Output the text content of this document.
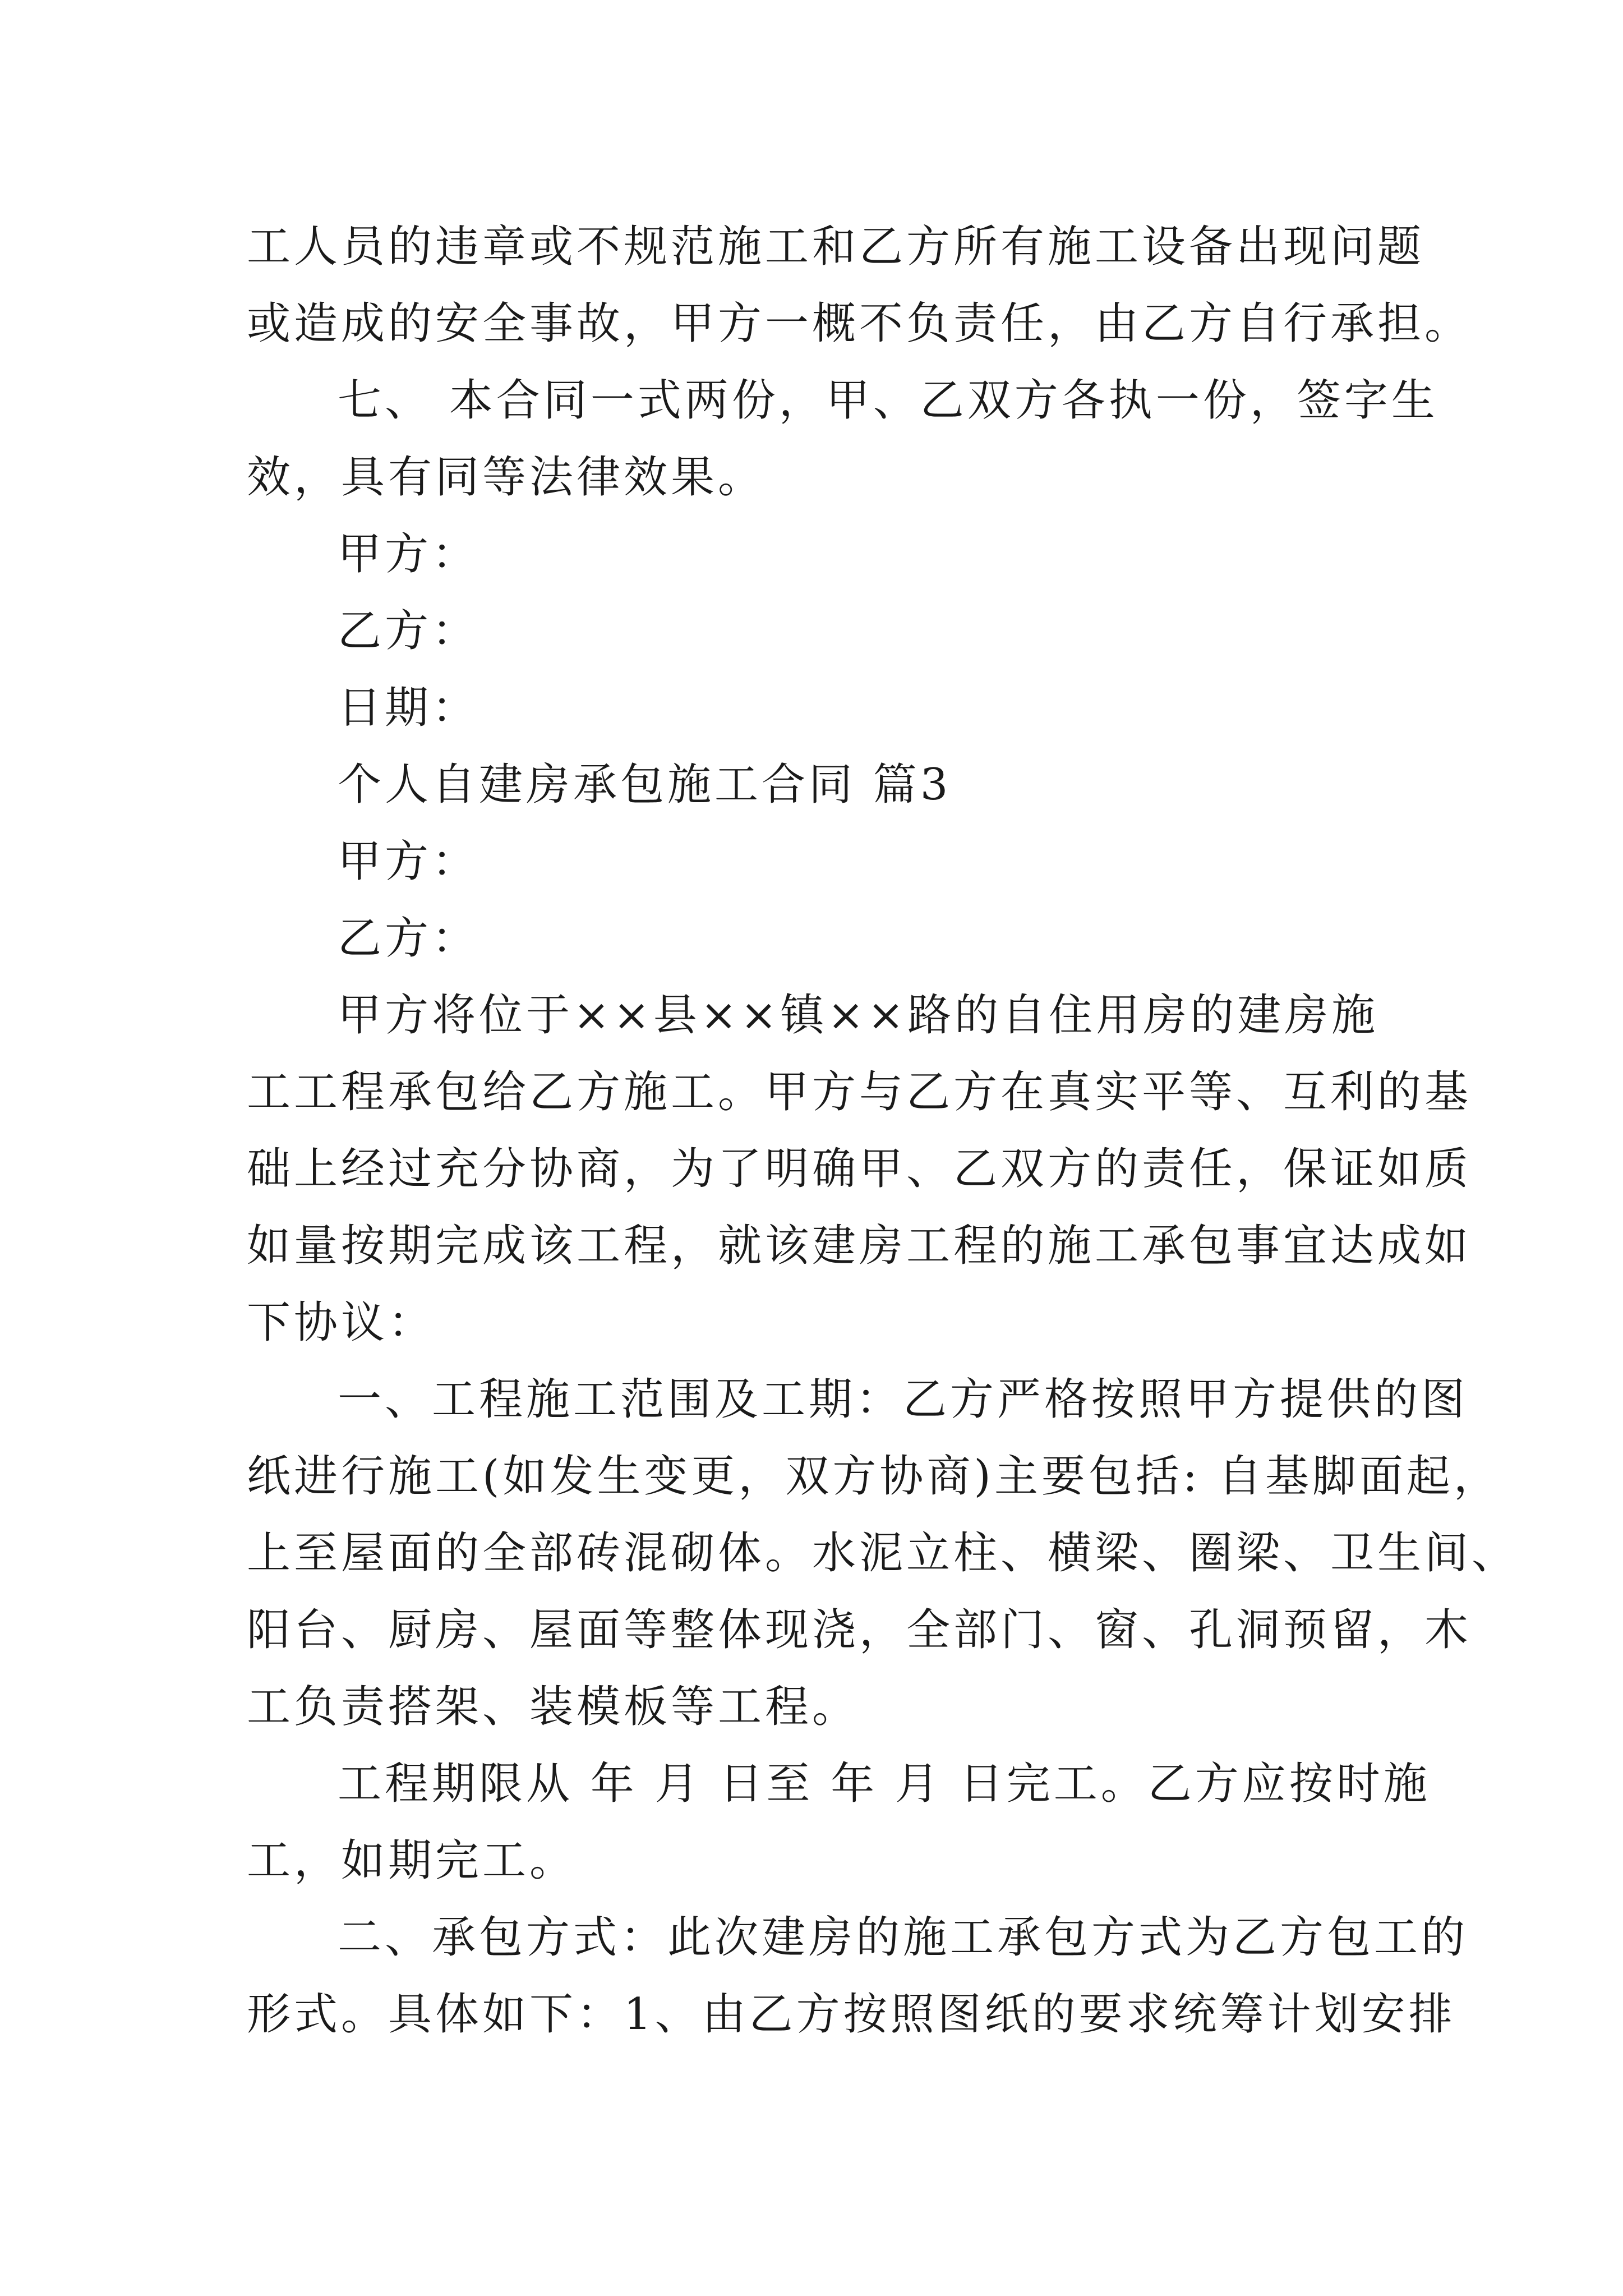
工人员的违章或不规范施工和乙方所有施工设备出现问题
或造成的安全事故，甲方一概不负责任，由乙方自行承担。
七、 本合同一式两份，甲、乙双方各执一份，签字生
效，具有同等法律效果。
甲方：
乙方：
日期：
个人自建房承包施工合同 篇3
甲方：
乙方：
甲方将位于××县××镇××路的自住用房的建房施
工工程承包给乙方施工。甲方与乙方在真实平等、互利的基
础上经过充分协商，为了明确甲、乙双方的责任，保证如质
如量按期完成该工程，就该建房工程的施工承包事宜达成如
下协议：
一、工程施工范围及工期：乙方严格按照甲方提供的图
纸进行施工(如发生变更，双方协商)主要包括: 自基脚面起，
上至屋面的全部砖混砌体。水泥立柱、横梁、圈梁、卫生间、
阳台、厨房、屋面等整体现浇，全部门、窗、孔洞预留，木
工负责搭架、装模板等工程。
工程期限从 年 月 日至 年 月 日完工。乙方应按时施
工，如期完工。
二、承包方式：此次建房的施工承包方式为乙方包工的
形式。具体如下：1、由乙方按照图纸的要求统筹计划安排
